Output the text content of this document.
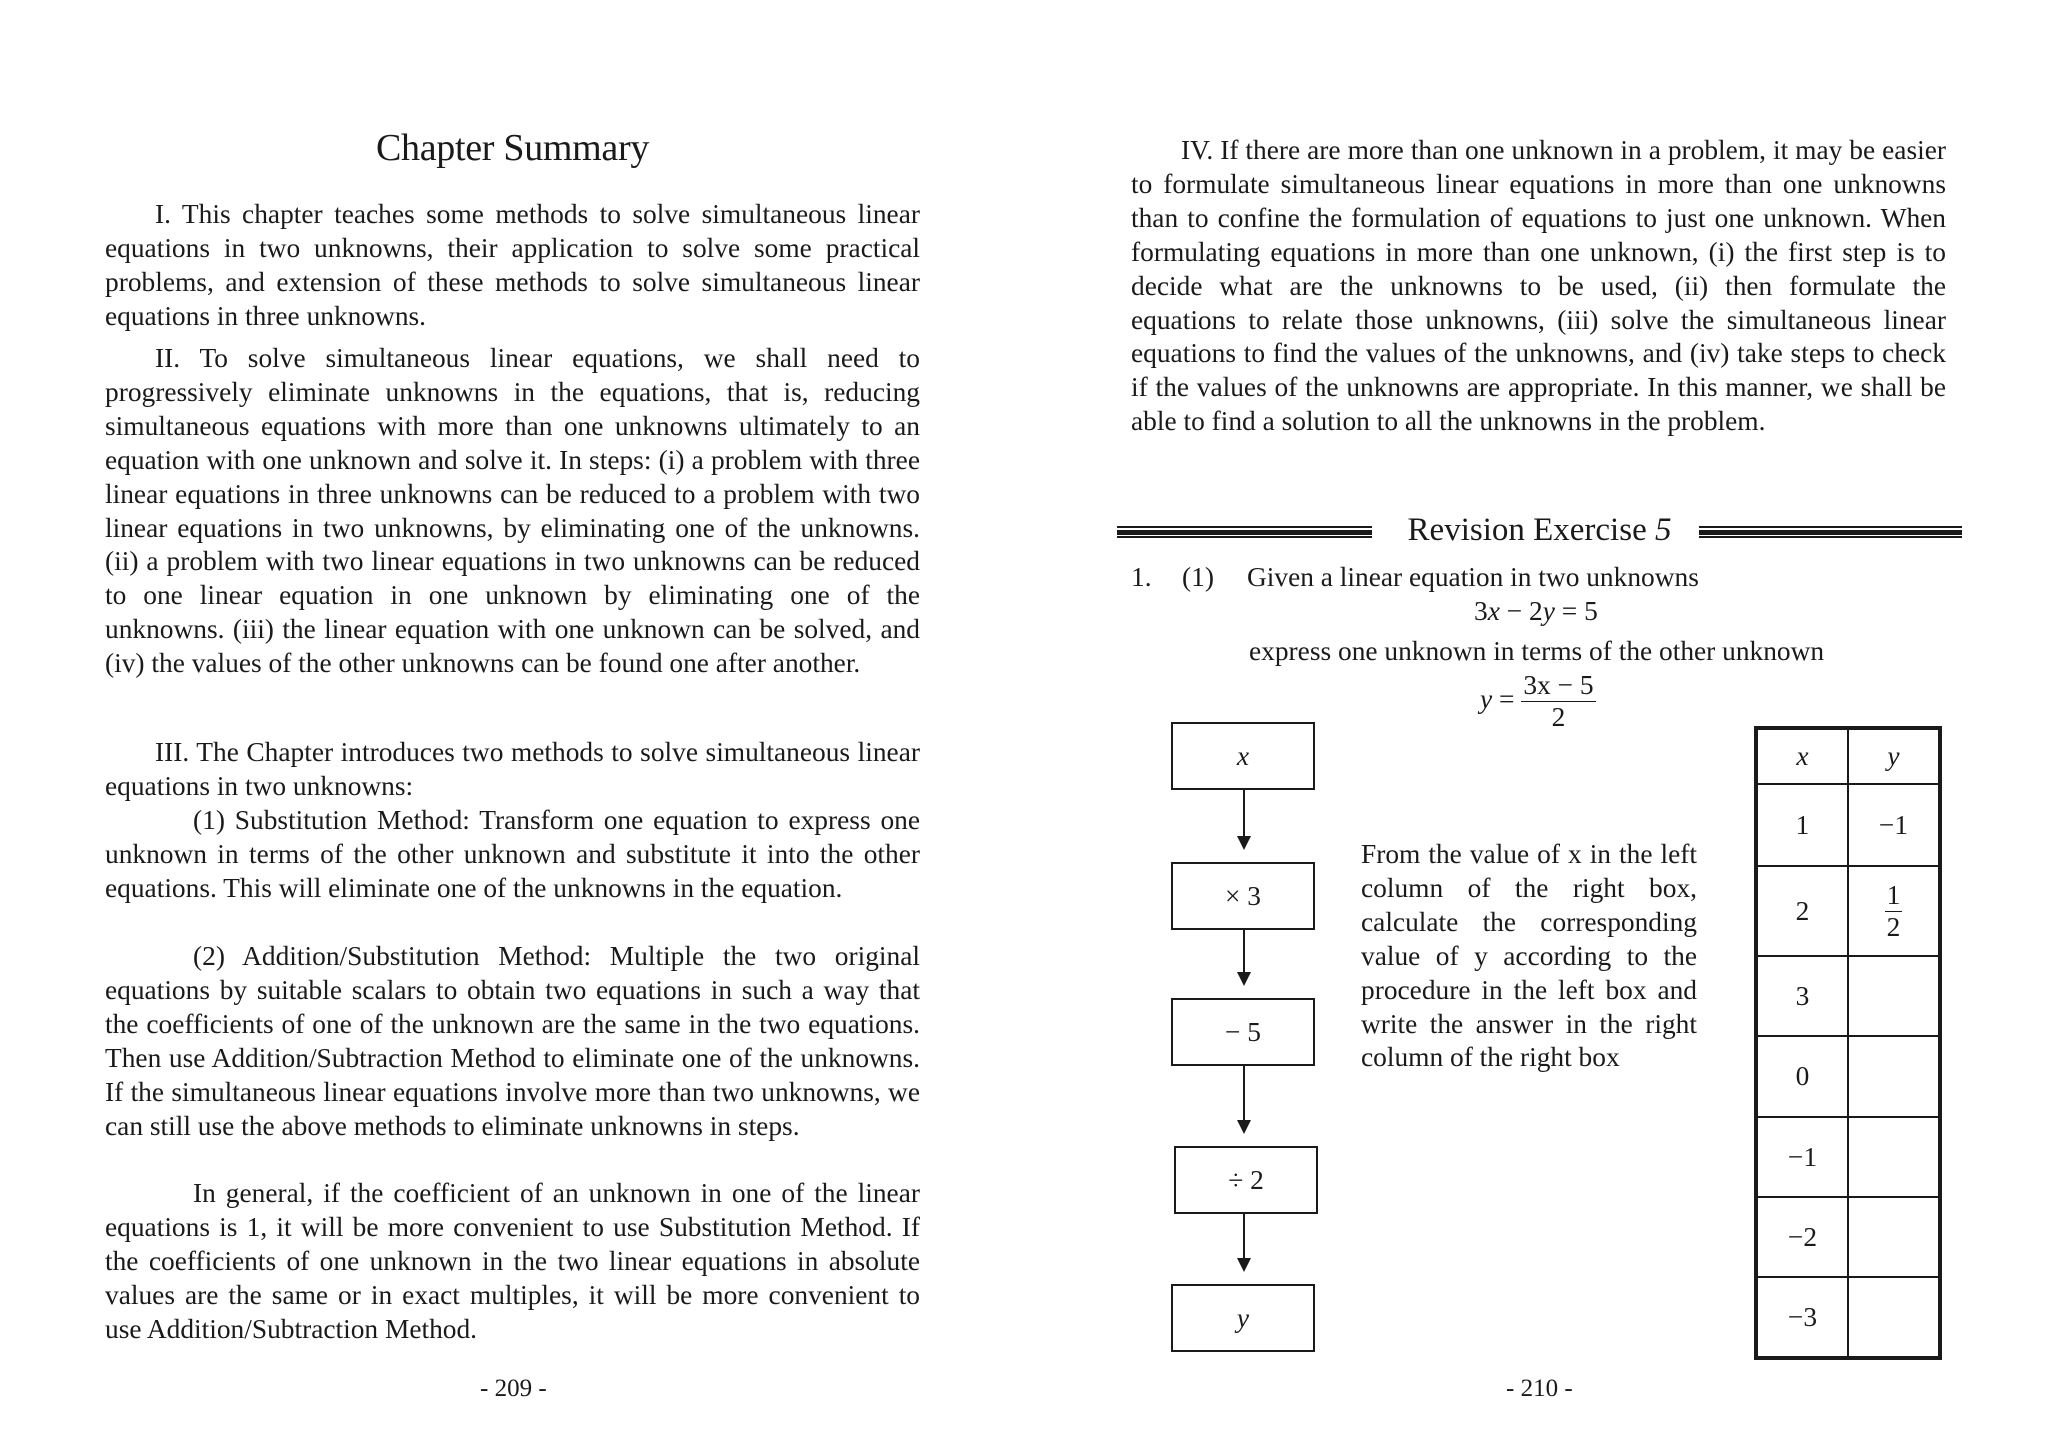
Chapter Summary

I. This chapter teaches some methods to solve simultaneous linear equations in two unknowns, their application to solve some practical problems, and extension of these methods to solve simultaneous linear equations in three unknowns.

II. To solve simultaneous linear equations, we shall need to progressively eliminate unknowns in the equations, that is, reducing simultaneous equations with more than one unknowns ultimately to an equation with one unknown and solve it. In steps: (i) a problem with three linear equations in three unknowns can be reduced to a problem with two linear equations in two unknowns, by eliminating one of the unknowns. (ii) a problem with two linear equations in two unknowns can be reduced to one linear equation in one unknown by eliminating one of the unknowns. (iii) the linear equation with one unknown can be solved, and (iv) the values of the other unknowns can be found one after another.

III. The Chapter introduces two methods to solve simultaneous linear equations in two unknowns:

(1) Substitution Method: Transform one equation to express one unknown in terms of the other unknown and substitute it into the other equations. This will eliminate one of the unknowns in the equation.

(2) Addition/Substitution Method: Multiple the two original equations by suitable scalars to obtain two equations in such a way that the coefficients of one of the unknown are the same in the two equations. Then use Addition/Subtraction Method to eliminate one of the unknowns. If the simultaneous linear equations involve more than two unknowns, we can still use the above methods to eliminate unknowns in steps.

In general, if the coefficient of an unknown in one of the linear equations is 1, it will be more convenient to use Substitution Method. If the coefficients of one unknown in the two linear equations in absolute values are the same or in exact multiples, it will be more convenient to use Addition/Subtraction Method.

- 209 -

IV. If there are more than one unknown in a problem, it may be easier to formulate simultaneous linear equations in more than one unknowns than to confine the formulation of equations to just one unknown. When formulating equations in more than one unknown, (i) the first step is to decide what are the unknowns to be used, (ii) then formulate the equations to relate those unknowns, (iii) solve the simultaneous linear equations to find the values of the unknowns, and (iv) take steps to check if the values of the unknowns are appropriate. In this manner, we shall be able to find a solution to all the unknowns in the problem.

Revision Exercise 5
1. (1) Given a linear equation in two unknowns
3x − 2y = 5
express one unknown in terms of the other unknown
$y = \frac{3x - 5}{2}$
x
× 3
− 5
÷ 2
y

From the value of x in the left column of the right box, calculate the corresponding value of y according to the procedure in the left box and write the answer in the right column of the right box

x	y
1	−1
2	$\frac{1}{2}$

3	
0	
−1	
−2	
−3	
- 210 -
